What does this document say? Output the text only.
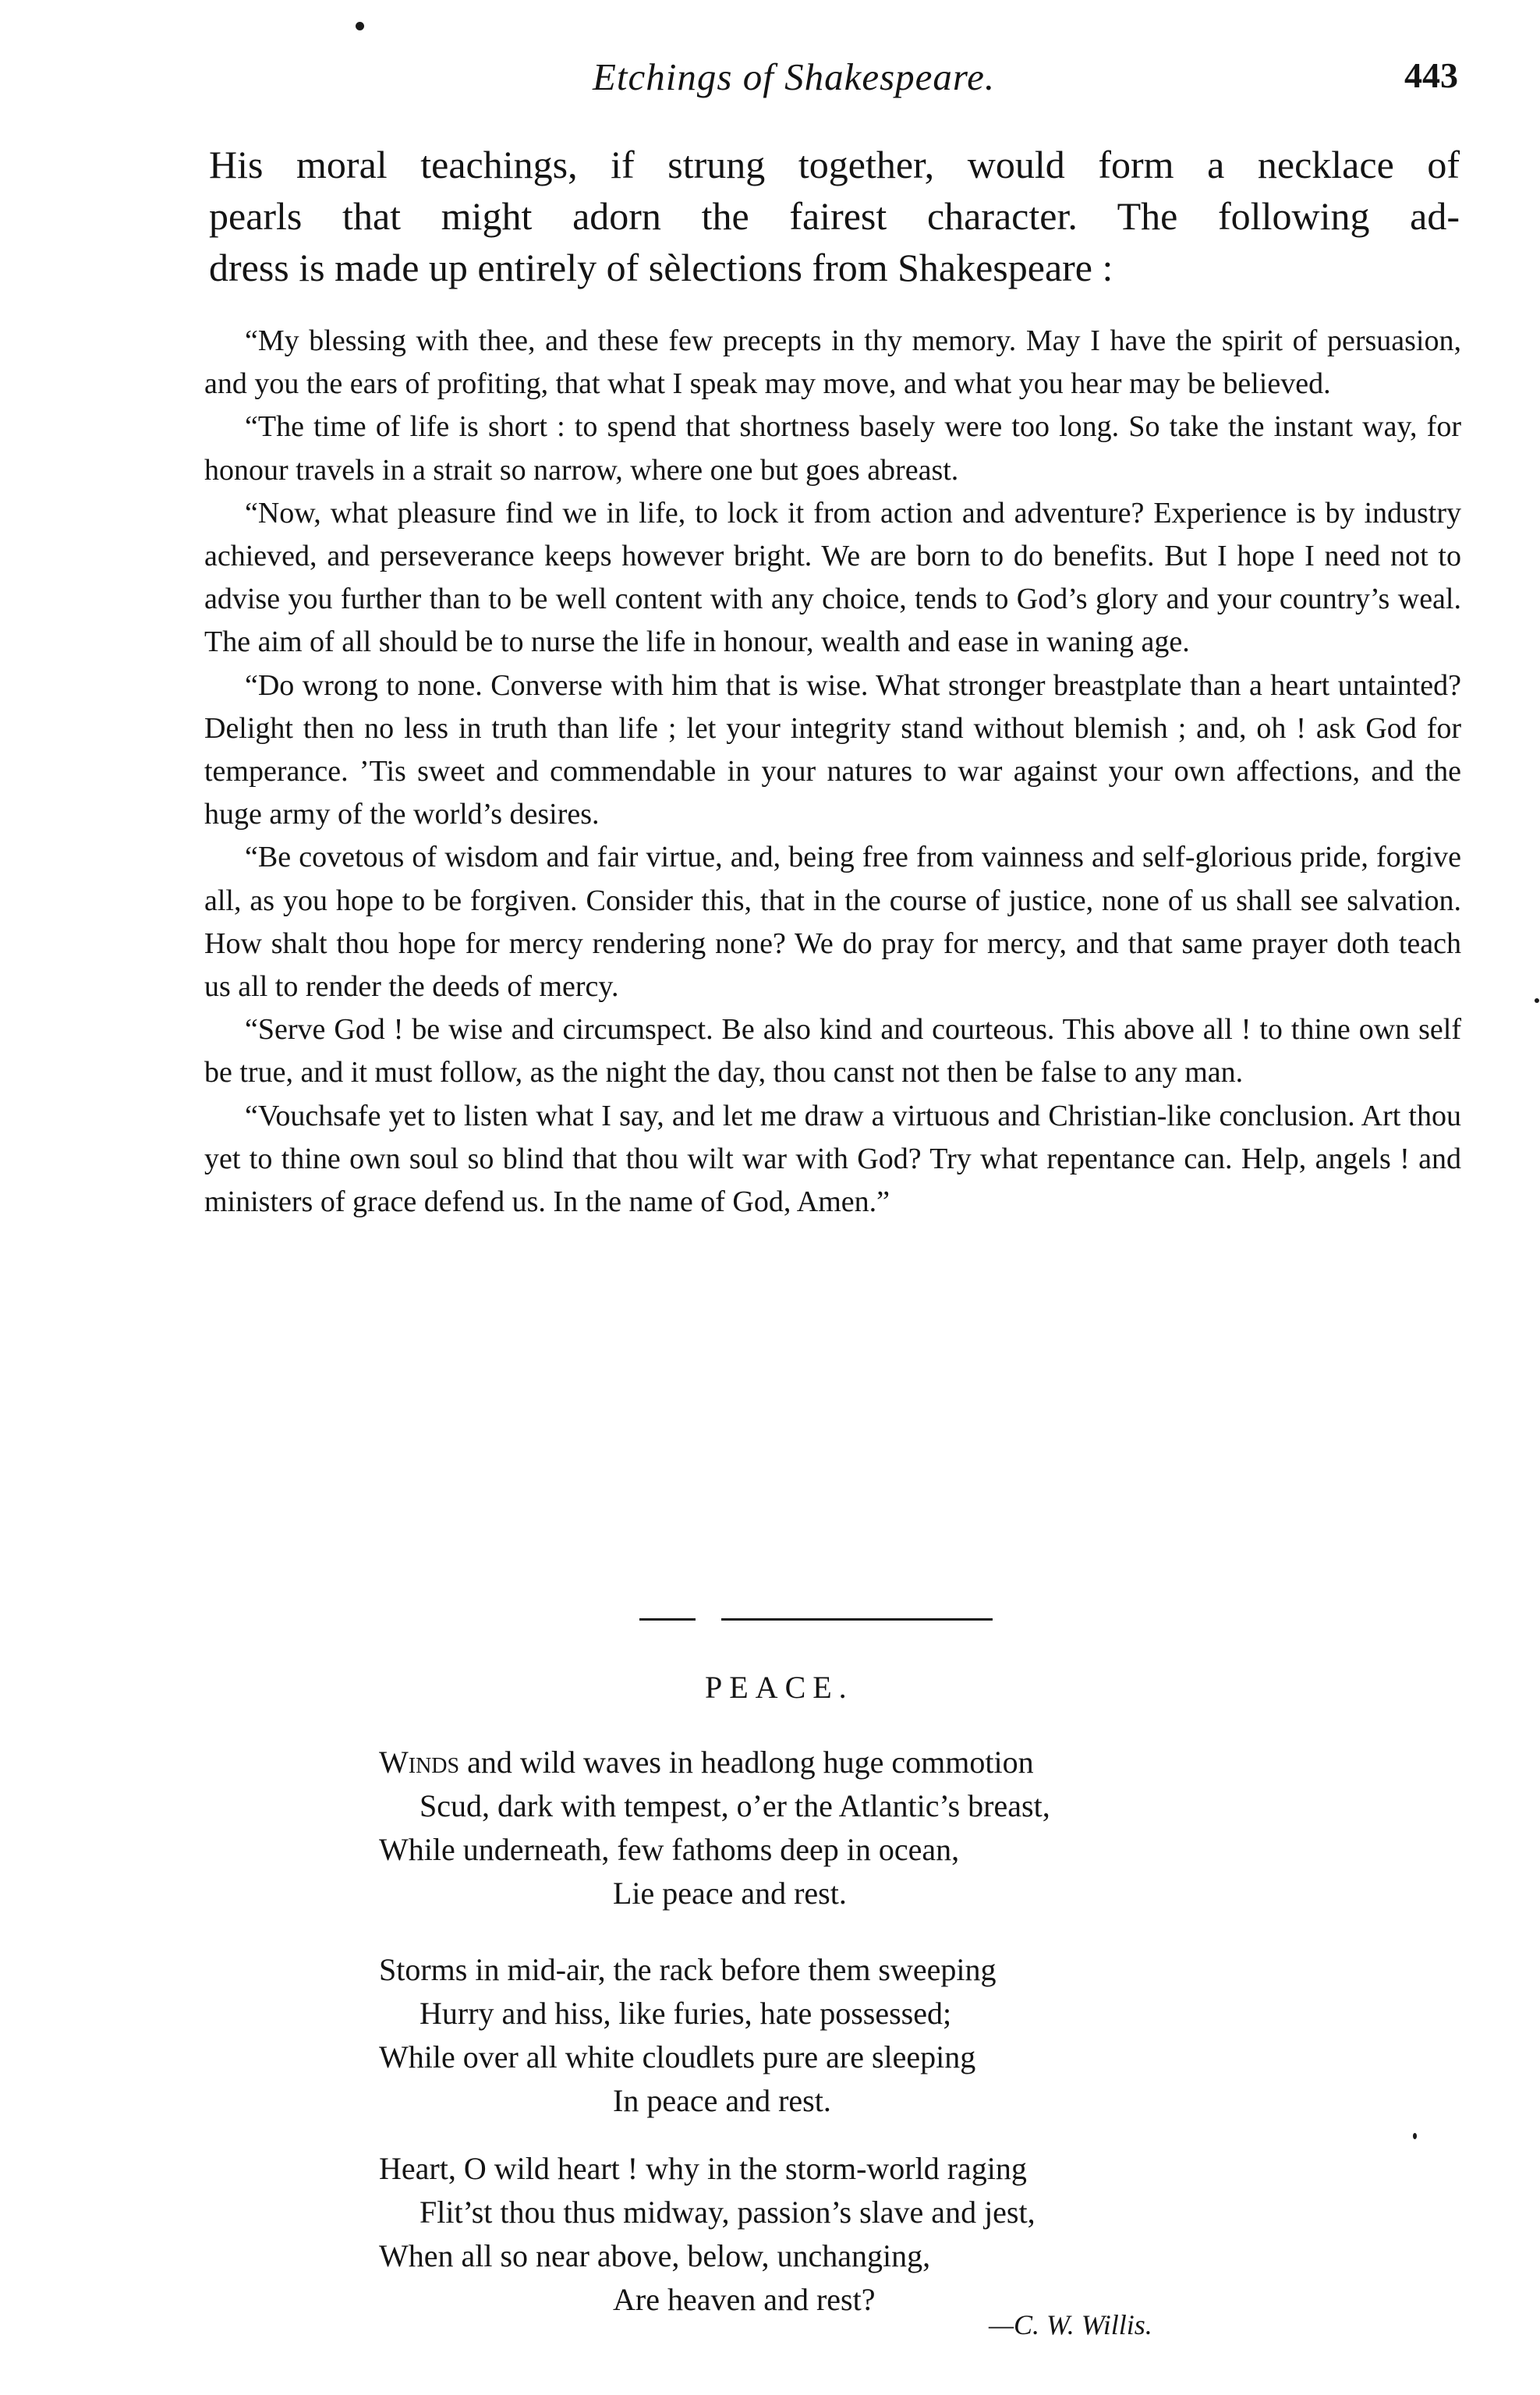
Etchings of Shakespeare.	443
His moral teachings, if strung together, would form a necklace of
pearls that might adorn the fairest character. The following ad-
dress is made up entirely of sèlections from Shakespeare :

“My blessing with thee, and these few precepts in thy memory. May I have the spirit of persuasion, and you the ears of profiting, that what I speak may move, and what you hear may be believed.

“The time of life is short : to spend that shortness basely were too long. So take the instant way, for honour travels in a strait so narrow, where one but goes abreast.

“Now, what pleasure find we in life, to lock it from action and adventure? Experience is by industry achieved, and perseverance keeps however bright. We are born to do benefits. But I hope I need not to advise you further than to be well content with any choice, tends to God’s glory and your country’s weal. The aim of all should be to nurse the life in honour, wealth and ease in waning age.

“Do wrong to none. Converse with him that is wise. What stronger breastplate than a heart untainted? Delight then no less in truth than life ; let your integrity stand without blemish ; and, oh ! ask God for temperance. ’Tis sweet and commendable in your natures to war against your own affections, and the huge army of the world’s desires.

“Be covetous of wisdom and fair virtue, and, being free from vainness and self-glorious pride, forgive all, as you hope to be forgiven. Consider this, that in the course of justice, none of us shall see salvation. How shalt thou hope for mercy rendering none? We do pray for mercy, and that same prayer doth teach us all to render the deeds of mercy.

“Serve God ! be wise and circumspect. Be also kind and courteous. This above all ! to thine own self be true, and it must follow, as the night the day, thou canst not then be false to any man.

“Vouchsafe yet to listen what I say, and let me draw a virtuous and Christian-like conclusion. Art thou yet to thine own soul so blind that thou wilt war with God? Try what repentance can. Help, angels ! and ministers of grace defend us. In the name of God, Amen.”

PEACE.
Winds and wild waves in headlong huge commotion
Scud, dark with tempest, o’er the Atlantic’s breast,
While underneath, few fathoms deep in ocean,
Lie peace and rest.
Storms in mid-air, the rack before them sweeping
Hurry and hiss, like furies, hate possessed;
While over all white cloudlets pure are sleeping
In peace and rest.
Heart, O wild heart ! why in the storm-world raging
Flit’st thou thus midway, passion’s slave and jest,
When all so near above, below, unchanging,
Are heaven and rest?
—C. W. Willis.
